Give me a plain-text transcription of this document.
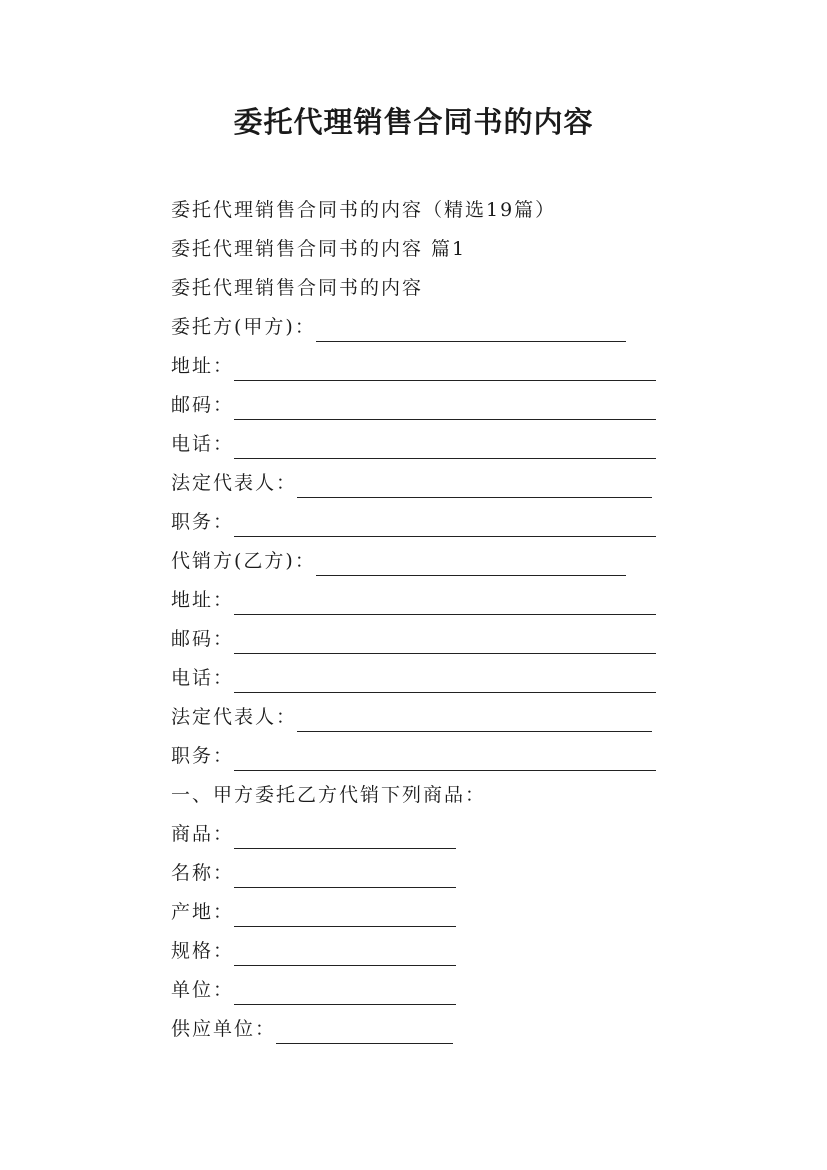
委托代理销售合同书的内容
委托代理销售合同书的内容（精选19篇）
委托代理销售合同书的内容 篇1
委托代理销售合同书的内容
委托方(甲方)：
地址：
邮码：
电话：
法定代表人：
职务：
代销方(乙方)：
地址：
邮码：
电话：
法定代表人：
职务：
一、甲方委托乙方代销下列商品：
商品：
名称：
产地：
规格：
单位：
供应单位：
